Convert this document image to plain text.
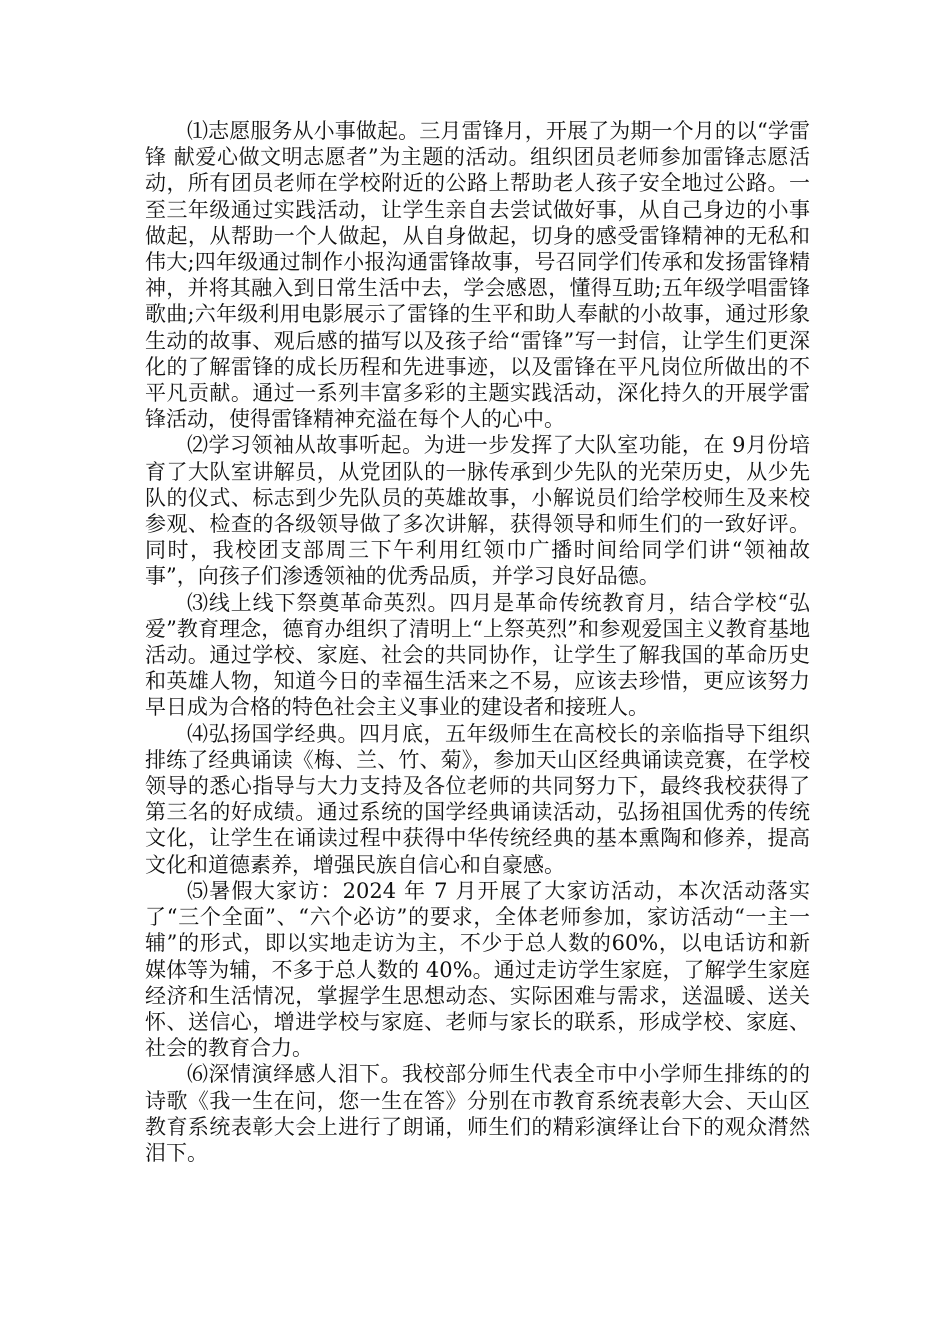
⑴志愿服务从小事做起。三月雷锋月，开展了为期一个月的以“学雷锋 献爱心做文明志愿者”为主题的活动。组织团员老师参加雷锋志愿活动，所有团员老师在学校附近的公路上帮助老人孩子安全地过公路。一至三年级通过实践活动，让学生亲自去尝试做好事，从自己身边的小事做起，从帮助一个人做起，从自身做起，切身的感受雷锋精神的无私和伟大;四年级通过制作小报沟通雷锋故事，号召同学们传承和发扬雷锋精神，并将其融入到日常生活中去，学会感恩，懂得互助;五年级学唱雷锋歌曲;六年级利用电影展示了雷锋的生平和助人奉献的小故事，通过形象生动的故事、观后感的描写以及孩子给“雷锋”写一封信，让学生们更深化的了解雷锋的成长历程和先进事迹，以及雷锋在平凡岗位所做出的不平凡贡献。通过一系列丰富多彩的主题实践活动，深化持久的开展学雷锋活动，使得雷锋精神充溢在每个人的心中。

⑵学习领袖从故事听起。为进一步发挥了大队室功能，在 9月份培育了大队室讲解员，从党团队的一脉传承到少先队的光荣历史，从少先队的仪式、标志到少先队员的英雄故事，小解说员们给学校师生及来校参观、检查的各级领导做了多次讲解，获得领导和师生们的一致好评。同时，我校团支部周三下午利用红领巾广播时间给同学们讲“领袖故事”，向孩子们渗透领袖的优秀品质，并学习良好品德。

⑶线上线下祭奠革命英烈。四月是革命传统教育月，结合学校“弘爱”教育理念，德育办组织了清明上“上祭英烈”和参观爱国主义教育基地活动。通过学校、家庭、社会的共同协作，让学生了解我国的革命历史和英雄人物，知道今日的幸福生活来之不易，应该去珍惜，更应该努力早日成为合格的特色社会主义事业的建设者和接班人。

⑷弘扬国学经典。四月底，五年级师生在高校长的亲临指导下组织排练了经典诵读《梅、兰、竹、菊》，参加天山区经典诵读竞赛，在学校领导的悉心指导与大力支持及各位老师的共同努力下，最终我校获得了第三名的好成绩。通过系统的国学经典诵读活动，弘扬祖国优秀的传统文化，让学生在诵读过程中获得中华传统经典的基本熏陶和修养，提高文化和道德素养，增强民族自信心和自豪感。

⑸暑假大家访：2024 年 7 月开展了大家访活动，本次活动落实了“三个全面”、“六个必访”的要求，全体老师参加，家访活动“一主一辅”的形式，即以实地走访为主，不少于总人数的60%，以电话访和新媒体等为辅，不多于总人数的 40%。通过走访学生家庭，了解学生家庭经济和生活情况，掌握学生思想动态、实际困难与需求，送温暖、送关怀、送信心，增进学校与家庭、老师与家长的联系，形成学校、家庭、社会的教育合力。

⑹深情演绎感人泪下。我校部分师生代表全市中小学师生排练的的诗歌《我一生在问，您一生在答》分别在市教育系统表彰大会、天山区教育系统表彰大会上进行了朗诵，师生们的精彩演绎让台下的观众潸然泪下。
